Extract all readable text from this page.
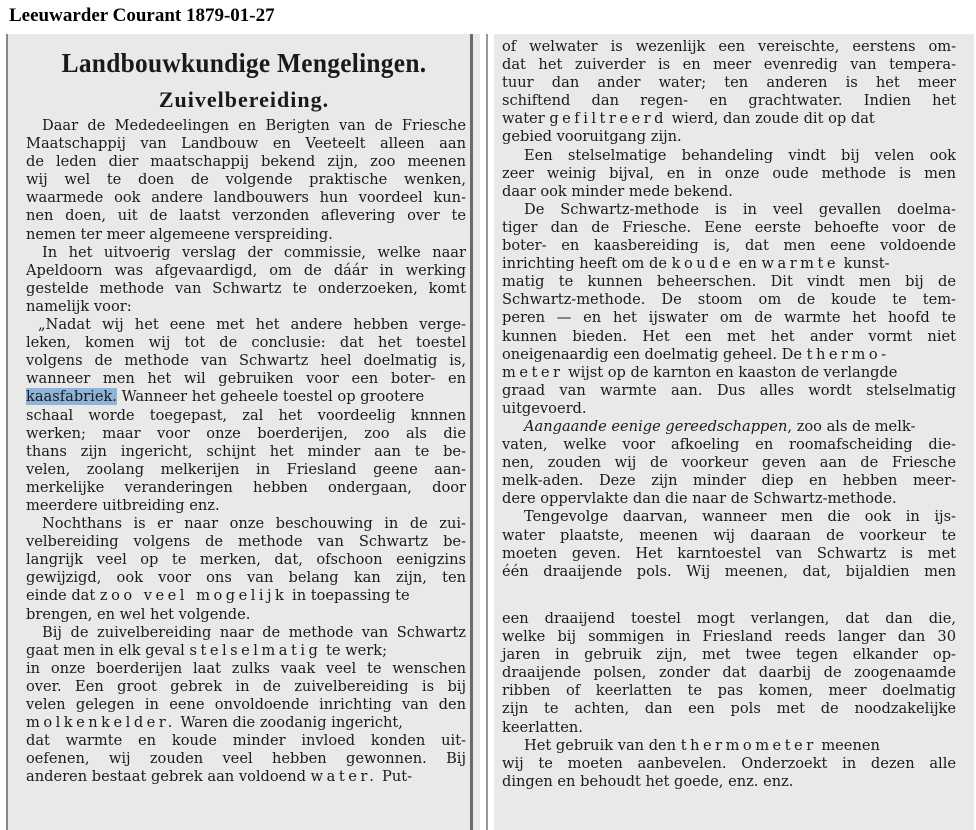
Leeuwarder Courant 1879-01-27
Landbouwkundige Mengelingen.
Zuivelbereiding.
Daar de Mededeelingen en Berigten van de Friesche
Maatschappij van Landbouw en Veeteelt alleen aan
de leden dier maatschappij bekend zijn, zoo meenen
wij wel te doen de volgende praktische wenken,
waarmede ook andere landbouwers hun voordeel kun-
nen doen, uit de laatst verzonden aflevering over te
nemen ter meer algemeene verspreiding.
In het uitvoerig verslag der commissie, welke naar
Apeldoorn was afgevaardigd, om de dáár in werking
gestelde methode van Schwartz te onderzoeken, komt
namelijk voor:
„Nadat wij het eene met het andere hebben verge-
leken, komen wij tot de conclusie: dat het toestel
volgens de methode van Schwartz heel doelmatig is,
wanneer men het wil gebruiken voor een boter- en
kaasfabriek. Wanneer het geheele toestel op grootere
schaal worde toegepast, zal het voordeelig knnnen
werken; maar voor onze boerderijen, zoo als die
thans zijn ingericht, schijnt het minder aan te be-
velen, zoolang melkerijen in Friesland geene aan-
merkelijke veranderingen hebben ondergaan, door
meerdere uitbreiding enz.
Nochthans is er naar onze beschouwing in de zui-
velbereiding volgens de methode van Schwartz be-
langrijk veel op te merken, dat, ofschoon eenigzins
gewijzigd, ook voor ons van belang kan zijn, ten
einde dat zoo veel mogelijk in toepassing te
brengen, en wel het volgende.
Bij de zuivelbereiding naar de methode van Schwartz
gaat men in elk geval stelselmatig te werk;
in onze boerderijen laat zulks vaak veel te wenschen
over. Een groot gebrek in de zuivelbereiding is bij
velen gelegen in eene onvoldoende inrichting van den
molkenkelder. Waren die zoodanig ingericht,
dat warmte en koude minder invloed konden uit-
oefenen, wij zouden veel hebben gewonnen. Bij
anderen bestaat gebrek aan voldoend water. Put-
of welwater is wezenlijk een vereischte, eerstens om-
dat het zuiverder is en meer evenredig van tempera-
tuur dan ander water; ten anderen is het meer
schiftend dan regen- en grachtwater. Indien het
water gefiltreerd wierd, dan zoude dit op dat
gebied vooruitgang zijn.
Een stelselmatige behandeling vindt bij velen ook
zeer weinig bijval, en in onze oude methode is men
daar ook minder mede bekend.
De Schwartz-methode is in veel gevallen doelma-
tiger dan de Friesche. Eene eerste behoefte voor de
boter- en kaasbereiding is, dat men eene voldoende
inrichting heeft om de koude en warmte kunst-
matig te kunnen beheerschen. Dit vindt men bij de
Schwartz-methode. De stoom om de koude te tem-
peren — en het ijswater om de warmte het hoofd te
kunnen bieden. Het een met het ander vormt niet
oneigenaardig een doelmatig geheel. De thermo-
meter wijst op de karnton en kaaston de verlangde
graad van warmte aan. Dus alles wordt stelselmatig
uitgevoerd.
Aangaande eenige gereedschappen, zoo als de melk-
vaten, welke voor afkoeling en roomafscheiding die-
nen, zouden wij de voorkeur geven aan de Friesche
melk-aden. Deze zijn minder diep en hebben meer-
dere oppervlakte dan die naar de Schwartz-methode.
Tengevolge daarvan, wanneer men die ook in ijs-
water plaatste, meenen wij daaraan de voorkeur te
moeten geven. Het karntoestel van Schwartz is met
één draaijende pols. Wij meenen, dat, bijaldien men
een draaijend toestel mogt verlangen, dat dan die,
welke bij sommigen in Friesland reeds langer dan 30
jaren in gebruik zijn, met twee tegen elkander op-
draaijende polsen, zonder dat daarbij de zoogenaamde
ribben of keerlatten te pas komen, meer doelmatig
zijn te achten, dan een pols met de noodzakelijke
keerlatten.
Het gebruik van den thermometer meenen
wij te moeten aanbevelen. Onderzoekt in dezen alle
dingen en behoudt het goede, enz. enz.
